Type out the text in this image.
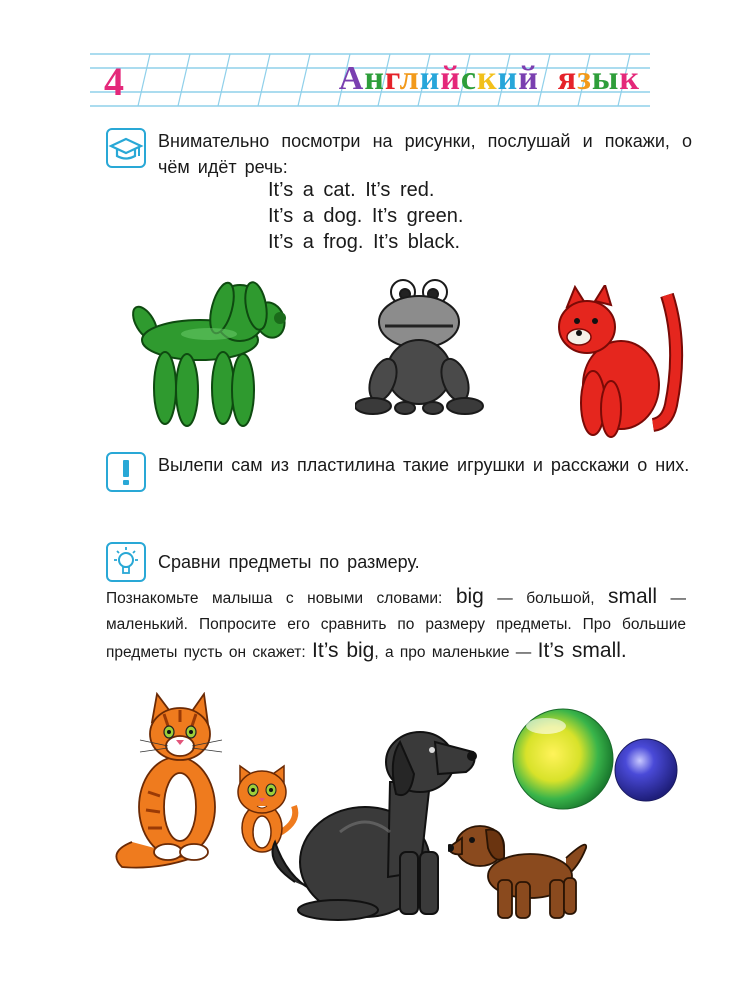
4	Английский язык
Внимательно посмотри на рисунки, послушай и покажи, о чём идёт речь:
It’s a cat. It’s red.
It’s a dog. It’s green.
It’s a frog. It’s black.
Вылепи сам из пластилина такие игрушки и расскажи о них.
Сравни предметы по размеру.
Познакомьте малыша с новыми словами: big — большой, small — маленький. Попросите его сравнить по размеру предметы. Про большие предметы пусть он скажет: It’s big, а про маленькие — It’s small.
